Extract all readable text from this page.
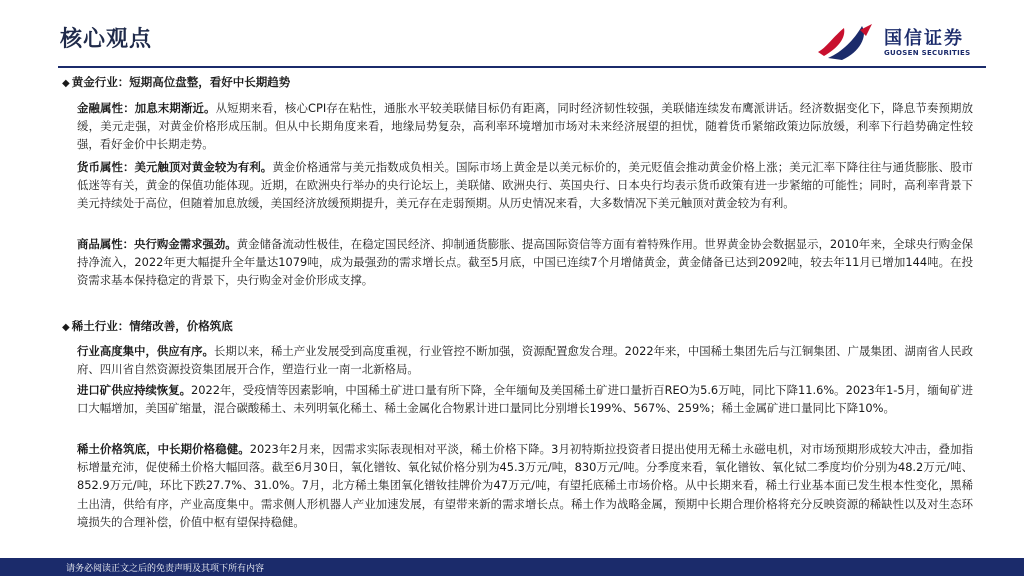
核心观点	国信证券
GUOSEN SECURITIES
◆ 黄金行业：短期高位盘整，看好中长期趋势
金融属性：加息末期渐近。从短期来看，核心CPI存在粘性，通胀水平较美联储目标仍有距离，同时经济韧性较强，美联储连续发布鹰派讲话。经济数据变化下，降息节奏预期放缓，美元走强，对黄金价格形成压制。但从中长期角度来看，地缘局势复杂，高利率环境增加市场对未来经济展望的担忧，随着货币紧缩政策边际放缓，利率下行趋势确定性较强，看好金价中长期走势。
货币属性：美元触顶对黄金较为有利。黄金价格通常与美元指数成负相关。国际市场上黄金是以美元标价的，美元贬值会推动黄金价格上涨；美元汇率下降往往与通货膨胀、股市低迷等有关，黄金的保值功能体现。近期，在欧洲央行举办的央行论坛上，美联储、欧洲央行、英国央行、日本央行均表示货币政策有进一步紧缩的可能性；同时，高利率背景下美元持续处于高位，但随着加息放缓，美国经济放缓预期提升，美元存在走弱预期。从历史情况来看，大多数情况下美元触顶对黄金较为有利。
商品属性：央行购金需求强劲。黄金储备流动性极佳，在稳定国民经济、抑制通货膨胀、提高国际资信等方面有着特殊作用。世界黄金协会数据显示，2010年来，全球央行购金保持净流入，2022年更大幅提升全年量达1079吨，成为最强劲的需求增长点。截至5月底，中国已连续7个月增储黄金，黄金储备已达到2092吨，较去年11月已增加144吨。在投资需求基本保持稳定的背景下，央行购金对金价形成支撑。
◆ 稀土行业：情绪改善，价格筑底
行业高度集中，供应有序。长期以来，稀土产业发展受到高度重视，行业管控不断加强，资源配置愈发合理。2022年来，中国稀土集团先后与江铜集团、广晟集团、湖南省人民政府、四川省自然资源投资集团展开合作，塑造行业一南一北新格局。
进口矿供应持续恢复。2022年，受疫情等因素影响，中国稀土矿进口量有所下降，全年缅甸及美国稀土矿进口量折百REO为5.6万吨，同比下降11.6%。2023年1-5月，缅甸矿进口大幅增加，美国矿缩量，混合碳酸稀土、未列明氧化稀土、稀土金属化合物累计进口量同比分别增长199%、567%、259%；稀土金属矿进口量同比下降10%。
稀土价格筑底，中长期价格稳健。2023年2月来，因需求实际表现相对平淡，稀土价格下降。3月初特斯拉投资者日提出使用无稀土永磁电机，对市场预期形成较大冲击，叠加指标增量充沛，促使稀土价格大幅回落。截至6月30日，氧化镨钕、氧化铽价格分别为45.3万元/吨，830万元/吨。分季度来看，氧化镨钕、氧化铽二季度均价分别为48.2万元/吨、852.9万元/吨，环比下跌27.7%、31.0%。7月，北方稀土集团氧化镨钕挂牌价为47万元/吨，有望托底稀土市场价格。从中长期来看，稀土行业基本面已发生根本性变化，黑稀土出清，供给有序，产业高度集中。需求侧人形机器人产业加速发展，有望带来新的需求增长点。稀土作为战略金属，预期中长期合理价格将充分反映资源的稀缺性以及对生态环境损失的合理补偿，价值中枢有望保持稳健。
请务必阅读正文之后的免责声明及其项下所有内容
